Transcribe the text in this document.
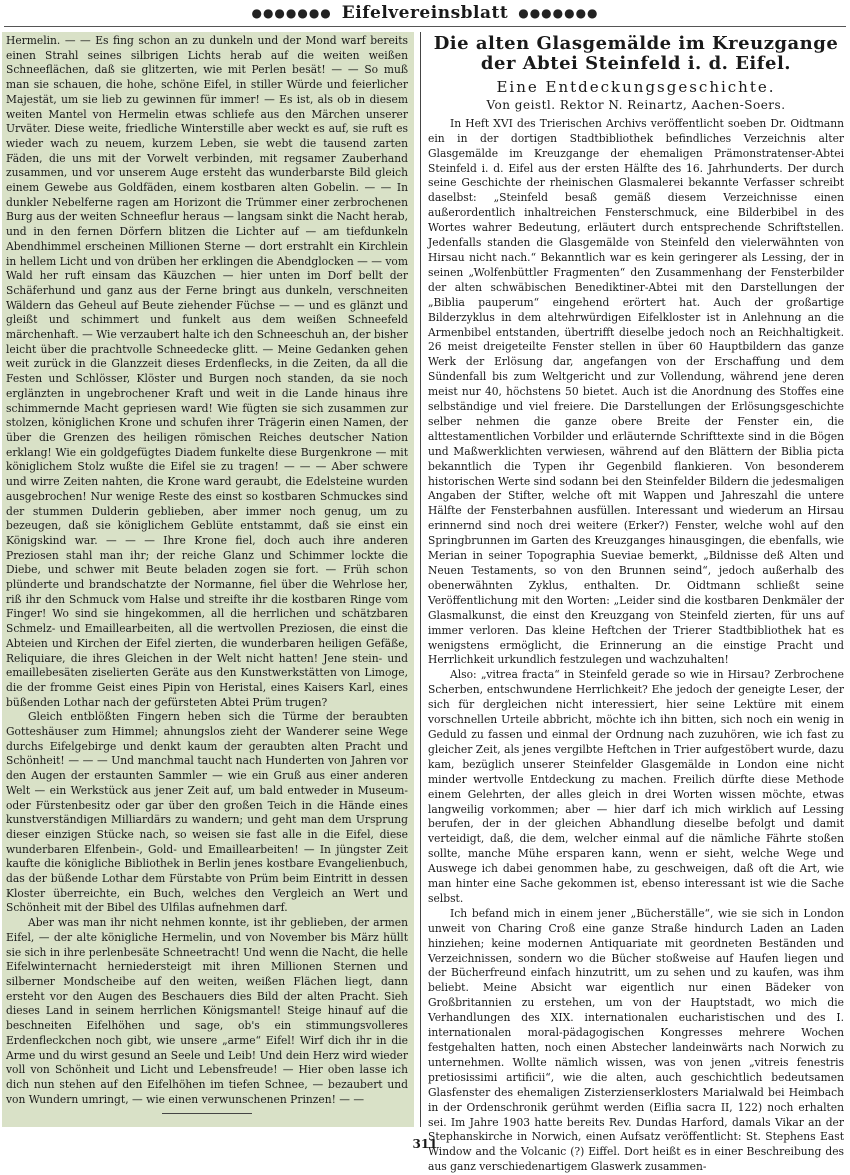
●●●●●●● Eifelvereinsblatt ●●●●●●●

Hermelin. — — Es fing schon an zu dunkeln und der Mond warf bereits einen Strahl seines silbrigen Lichts herab auf die weiten weißen Schneeflächen, daß sie glitzerten, wie mit Perlen besät! — — So muß man sie schauen, die hohe, schöne Eifel, in stiller Würde und feierlicher Majestät, um sie lieb zu gewinnen für immer! — Es ist, als ob in diesem weiten Mantel von Hermelin etwas schliefe aus den Märchen unserer Urväter. Diese weite, friedliche Winterstille aber weckt es auf, sie ruft es wieder wach zu neuem, kurzem Leben, sie webt die tausend zarten Fäden, die uns mit der Vorwelt verbinden, mit regsamer Zauberhand zusammen, und vor unserem Auge ersteht das wunderbarste Bild gleich einem Gewebe aus Goldfäden, einem kostbaren alten Gobelin. — — In dunkler Nebelferne ragen am Horizont die Trümmer einer zerbrochenen Burg aus der weiten Schneeflur heraus — langsam sinkt die Nacht herab, und in den fernen Dörfern blitzen die Lichter auf — am tiefdunkeln Abendhimmel erscheinen Millionen Sterne — dort erstrahlt ein Kirchlein in hellem Licht und von drüben her erklingen die Abendglocken — — vom Wald her ruft einsam das Käuzchen — hier unten im Dorf bellt der Schäferhund und ganz aus der Ferne bringt aus dunkeln, verschneiten Wäldern das Geheul auf Beute ziehender Füchse — — und es glänzt und gleißt und schimmert und funkelt aus dem weißen Schneefeld märchenhaft. — Wie verzaubert halte ich den Schneeschuh an, der bisher leicht über die prachtvolle Schneedecke glitt. — Meine Gedanken gehen weit zurück in die Glanzzeit dieses Erdenflecks, in die Zeiten, da all die Festen und Schlösser, Klöster und Burgen noch standen, da sie noch erglänzten in ungebrochener Kraft und weit in die Lande hinaus ihre schimmernde Macht gepriesen ward! Wie fügten sie sich zusammen zur stolzen, königlichen Krone und schufen ihrer Trägerin einen Namen, der über die Grenzen des heiligen römischen Reiches deutscher Nation erklang! Wie ein goldgefügtes Diadem funkelte diese Burgenkrone — mit königlichem Stolz wußte die Eifel sie zu tragen! — — — Aber schwere und wirre Zeiten nahten, die Krone ward geraubt, die Edelsteine wurden ausgebrochen! Nur wenige Reste des einst so kostbaren Schmuckes sind der stummen Dulderin geblieben, aber immer noch genug, um zu bezeugen, daß sie königlichem Geblüte entstammt, daß sie einst ein Königskind war. — — — Ihre Krone fiel, doch auch ihre anderen Preziosen stahl man ihr; der reiche Glanz und Schimmer lockte die Diebe, und schwer mit Beute beladen zogen sie fort. — Früh schon plünderte und brandschatzte der Normanne, fiel über die Wehrlose her, riß ihr den Schmuck vom Halse und streifte ihr die kostbaren Ringe vom Finger! Wo sind sie hingekommen, all die herrlichen und schätzbaren Schmelz- und Emaillearbeiten, all die wertvollen Preziosen, die einst die Abteien und Kirchen der Eifel zierten, die wunderbaren heiligen Gefäße, Reliquiare, die ihres Gleichen in der Welt nicht hatten! Jene stein- und emaillebesäten ziselierten Geräte aus den Kunstwerkstätten von Limoge, die der fromme Geist eines Pipin von Heristal, eines Kaisers Karl, eines büßenden Lothar nach der gefürsteten Abtei Prüm trugen?

Gleich entblößten Fingern heben sich die Türme der beraubten Gotteshäuser zum Himmel; ahnungslos zieht der Wanderer seine Wege durchs Eifelgebirge und denkt kaum der geraubten alten Pracht und Schönheit! — — — Und manchmal taucht nach Hunderten von Jahren vor den Augen der erstaunten Sammler — wie ein Gruß aus einer anderen Welt — ein Werkstück aus jener Zeit auf, um bald entweder in Museum- oder Fürstenbesitz oder gar über den großen Teich in die Hände eines kunstverständigen Milliardärs zu wandern; und geht man dem Ursprung dieser einzigen Stücke nach, so weisen sie fast alle in die Eifel, diese wunderbaren Elfenbein-, Gold- und Emaillearbeiten! — In jüngster Zeit kaufte die königliche Bibliothek in Berlin jenes kostbare Evangelienbuch, das der büßende Lothar dem Fürstabte von Prüm beim Eintritt in dessen Kloster überreichte, ein Buch, welches den Vergleich an Wert und Schönheit mit der Bibel des Ulfilas aufnehmen darf.

Aber was man ihr nicht nehmen konnte, ist ihr geblieben, der armen Eifel, — der alte königliche Hermelin, und von November bis März hüllt sie sich in ihre perlenbesäte Schneetracht! Und wenn die Nacht, die helle Eifelwinternacht herniedersteigt mit ihren Millionen Sternen und silberner Mondscheibe auf den weiten, weißen Flächen liegt, dann ersteht vor den Augen des Beschauers dies Bild der alten Pracht. Sieh dieses Land in seinem herrlichen Königsmantel! Steige hinauf auf die beschneiten Eifelhöhen und sage, ob's ein stimmungsvolleres Erdenfleckchen noch gibt, wie unsere „arme“ Eifel! Wirf dich ihr in die Arme und du wirst gesund an Seele und Leib! Und dein Herz wird wieder voll von Schönheit und Licht und Lebensfreude! — Hier oben lasse ich dich nun stehen auf den Eifelhöhen im tiefen Schnee, — bezaubert und von Wundern umringt, — wie einen verwunschenen Prinzen! — —

Die alten Glasgemälde im Kreuzgange der Abtei Steinfeld i. d. Eifel.
Eine Entdeckungsgeschichte.
Von geistl. Rektor N. Reinartz, Aachen-Soers.

In Heft XVI des Trierischen Archivs veröffentlicht soeben Dr. Oidtmann ein in der dortigen Stadtbibliothek befindliches Verzeichnis alter Glasgemälde im Kreuzgange der ehemaligen Prämonstratenser-Abtei Steinfeld i. d. Eifel aus der ersten Hälfte des 16. Jahrhunderts. Der durch seine Geschichte der rheinischen Glasmalerei bekannte Verfasser schreibt daselbst: „Steinfeld besaß gemäß diesem Verzeichnisse einen außerordentlich inhaltreichen Fensterschmuck, eine Bilderbibel in des Wortes wahrer Bedeutung, erläutert durch entsprechende Schriftstellen. Jedenfalls standen die Glasgemälde von Steinfeld den vielerwähnten von Hirsau nicht nach.“ Bekanntlich war es kein geringerer als Lessing, der in seinen „Wolfenbüttler Fragmenten“ den Zusammenhang der Fensterbilder der alten schwäbischen Benediktiner-Abtei mit den Darstellungen der „Biblia pauperum“ eingehend erörtert hat. Auch der großartige Bilderzyklus in dem altehrwürdigen Eifelkloster ist in Anlehnung an die Armenbibel entstanden, übertrifft dieselbe jedoch noch an Reichhaltigkeit. 26 meist dreigeteilte Fenster stellen in über 60 Hauptbildern das ganze Werk der Erlösung dar, angefangen von der Erschaffung und dem Sündenfall bis zum Weltgericht und zur Vollendung, während jene deren meist nur 40, höchstens 50 bietet. Auch ist die Anordnung des Stoffes eine selbständige und viel freiere. Die Darstellungen der Erlösungsgeschichte selber nehmen die ganze obere Breite der Fenster ein, die alttestamentlichen Vorbilder und erläuternde Schrifttexte sind in die Bögen und Maßwerklichten verwiesen, während auf den Blättern der Biblia picta bekanntlich die Typen ihr Gegenbild flankieren. Von besonderem historischen Werte sind sodann bei den Steinfelder Bildern die jedesmaligen Angaben der Stifter, welche oft mit Wappen und Jahreszahl die untere Hälfte der Fensterbahnen ausfüllen. Interessant und wiederum an Hirsau erinnernd sind noch drei weitere (Erker?) Fenster, welche wohl auf den Springbrunnen im Garten des Kreuzganges hinausgingen, die ebenfalls, wie Merian in seiner Topographia Sueviae bemerkt, „Bildnisse deß Alten und Neuen Testaments, so von den Brunnen seind“, jedoch außerhalb des obenerwähnten Zyklus, enthalten. Dr. Oidtmann schließt seine Veröffentlichung mit den Worten: „Leider sind die kostbaren Denkmäler der Glasmalkunst, die einst den Kreuzgang von Steinfeld zierten, für uns auf immer verloren. Das kleine Heftchen der Trierer Stadtbibliothek hat es wenigstens ermöglicht, die Erinnerung an die einstige Pracht und Herrlichkeit urkundlich festzulegen und wachzuhalten!

Also: „vitrea fracta“ in Steinfeld gerade so wie in Hirsau? Zerbrochene Scherben, entschwundene Herrlichkeit? Ehe jedoch der geneigte Leser, der sich für dergleichen nicht interessiert, hier seine Lektüre mit einem vorschnellen Urteile abbricht, möchte ich ihn bitten, sich noch ein wenig in Geduld zu fassen und einmal der Ordnung nach zuzuhören, wie ich fast zu gleicher Zeit, als jenes vergilbte Heftchen in Trier aufgestöbert wurde, dazu kam, bezüglich unserer Steinfelder Glasgemälde in London eine nicht minder wertvolle Entdeckung zu machen. Freilich dürfte diese Methode einem Gelehrten, der alles gleich in drei Worten wissen möchte, etwas langweilig vorkommen; aber — hier darf ich mich wirklich auf Lessing berufen, der in der gleichen Abhandlung dieselbe befolgt und damit verteidigt, daß, die dem, welcher einmal auf die nämliche Fährte stoßen sollte, manche Mühe ersparen kann, wenn er sieht, welche Wege und Auswege ich dabei genommen habe, zu geschweigen, daß oft die Art, wie man hinter eine Sache gekommen ist, ebenso interessant ist wie die Sache selbst.

Ich befand mich in einem jener „Bücherställe“, wie sie sich in London unweit von Charing Croß eine ganze Straße hindurch Laden an Laden hinziehen; keine modernen Antiquariate mit geordneten Beständen und Verzeichnissen, sondern wo die Bücher stoßweise auf Haufen liegen und der Bücherfreund einfach hinzutritt, um zu sehen und zu kaufen, was ihm beliebt. Meine Absicht war eigentlich nur einen Bädeker von Großbritannien zu erstehen, um von der Hauptstadt, wo mich die Verhandlungen des XIX. internationalen eucharistischen und des I. internationalen moral-pädagogischen Kongresses mehrere Wochen festgehalten hatten, noch einen Abstecher landeinwärts nach Norwich zu unternehmen. Wollte nämlich wissen, was von jenen „vitreis fenestris pretiosissimi artificii“, wie die alten, auch geschichtlich bedeutsamen Glasfenster des ehemaligen Zisterzienserklosters Marialwald bei Heimbach in der Ordenschronik gerühmt werden (Eiflia sacra II, 122) noch erhalten sei. Im Jahre 1903 hatte bereits Rev. Dundas Harford, damals Vikar an der Stephanskirche in Norwich, einen Aufsatz veröffentlicht: St. Stephens East Window and the Volcanic (?) Eiffel. Dort heißt es in einer Beschreibung des aus ganz verschiedenartigem Glaswerk zusammen-

311
